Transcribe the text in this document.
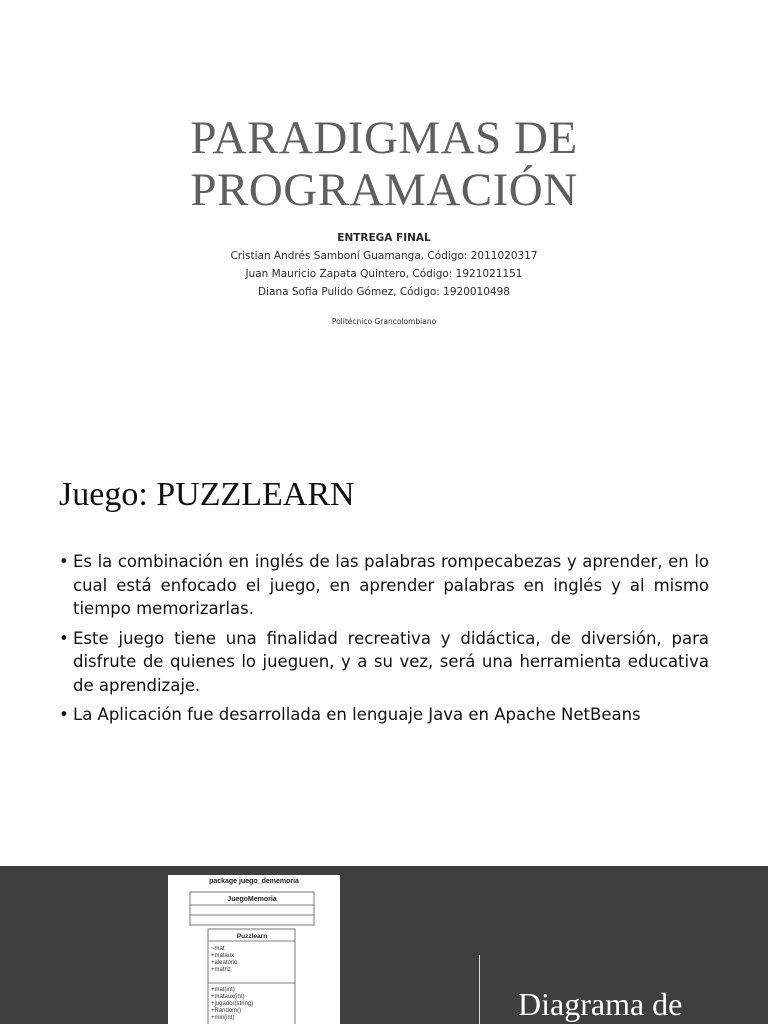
PARADIGMAS DE
PROGRAMACIÓN
ENTREGA FINAL
Cristian Andrés Samboní Guamanga, Código: 2011020317
Juan Mauricio Zapata Quintero, Código: 1921021151
Diana Sofia Pulido Gómez, Código: 1920010498
Politécnico Grancolombiano
Juego: PUZZLEARN
• Es la combinación en inglés de las palabras rompecabezas y aprender, en lo cual está enfocado el juego, en aprender palabras en inglés y al mismo tiempo memorizarlas.
• Este juego tiene una finalidad recreativa y didáctica, de diversión, para disfrute de quienes lo jueguen, y a su vez, será una herramienta educativa de aprendizaje.
• La Aplicación fue desarrollada en lenguaje Java en Apache NetBeans
package juego_dememoria
JuegoMemoria
Puzzlearn
~mat
+mataux
+aleatorio
+matriz
+mat(int)
+mataux(int)
+jugador(string)
+Random()
+min(int)	Diagrama de
